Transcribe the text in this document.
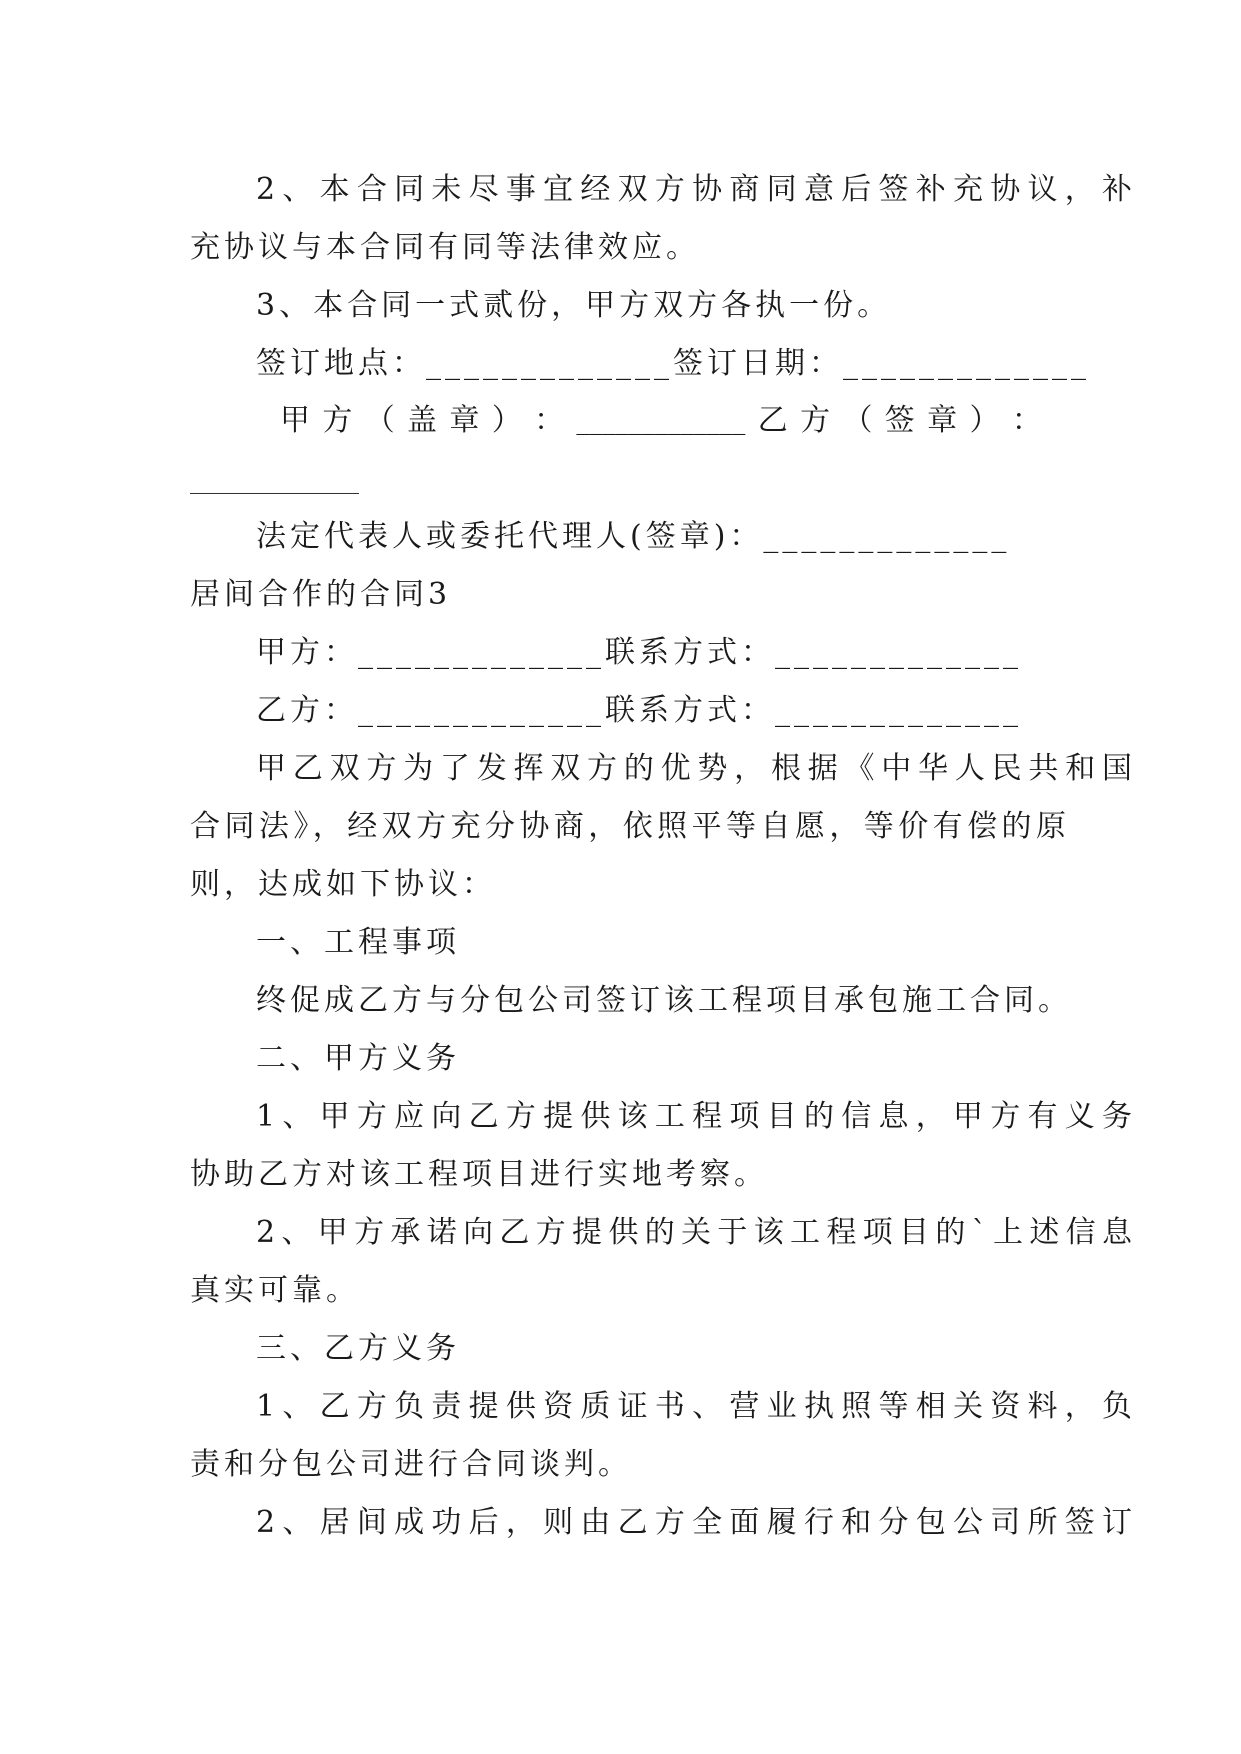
2、本合同未尽事宜经双方协商同意后签补充协议，补
充协议与本合同有同等法律效应。
3、本合同一式贰份，甲方双方各执一份。
签订地点：_____________签订日期：_____________
甲 方 （ 盖 章 ） ： _____________ 乙 方 （ 签 章 ） ：
_____________
法定代表人或委托代理人(签章)：_____________
居间合作的合同3
甲方：_____________联系方式：_____________
乙方：_____________联系方式：_____________
甲乙双方为了发挥双方的优势，根据《中华人民共和国
合同法》，经双方充分协商，依照平等自愿，等价有偿的原
则，达成如下协议：
一、工程事项
终促成乙方与分包公司签订该工程项目承包施工合同。
二、甲方义务
1、甲方应向乙方提供该工程项目的信息，甲方有义务
协助乙方对该工程项目进行实地考察。
2、甲方承诺向乙方提供的关于该工程项目的`上述信息
真实可靠。
三、乙方义务
1、乙方负责提供资质证书、营业执照等相关资料，负
责和分包公司进行合同谈判。
2、居间成功后，则由乙方全面履行和分包公司所签订
